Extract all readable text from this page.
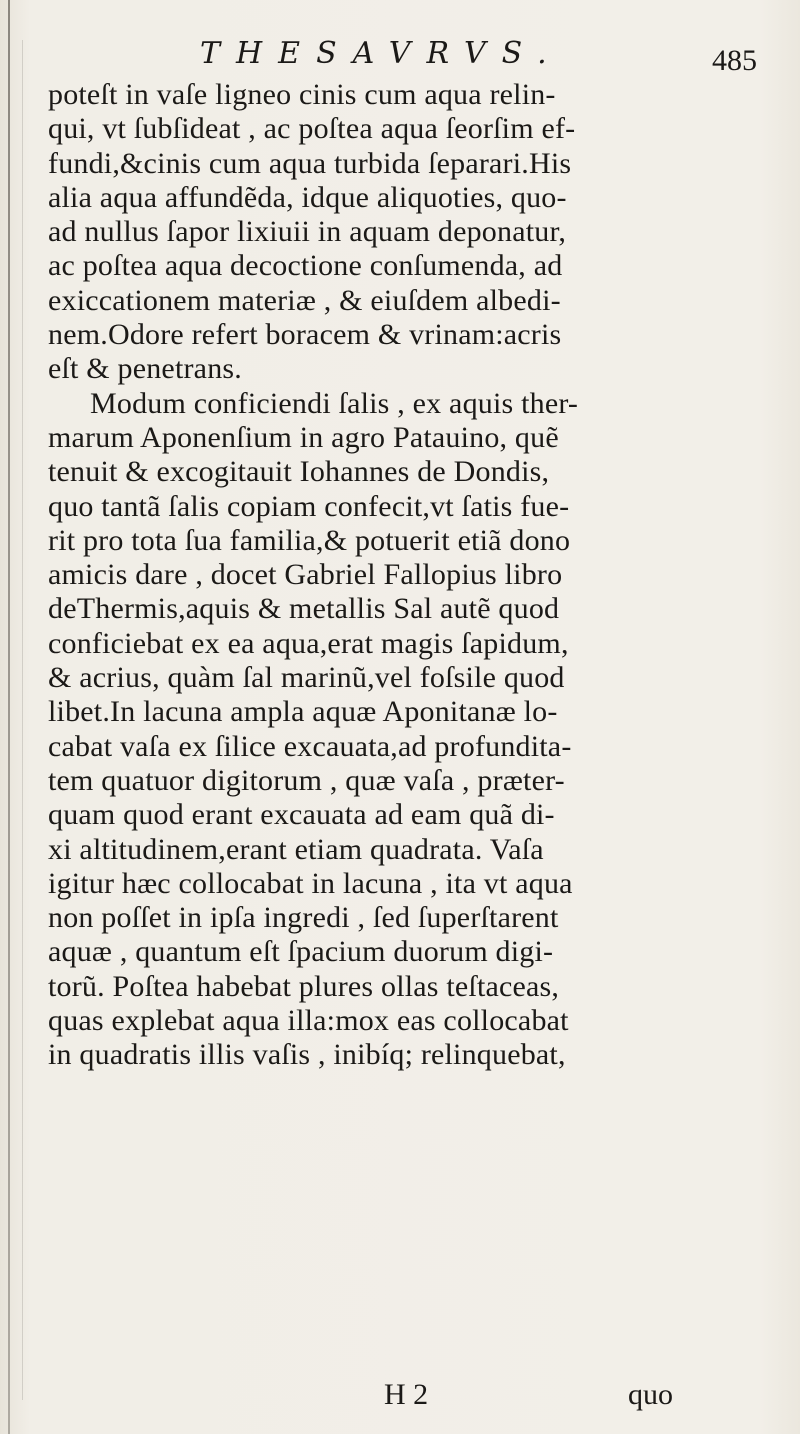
THESAVRVS.	485
poteſt in vaſe ligneo cinis cum aqua relin-
qui, vt ſubſideat , ac poſtea aqua ſeorſim ef-
fundi,&cinis cum aqua turbida ſeparari.His
alia aqua affundẽda, idque aliquoties, quo-
ad nullus ſapor lixiuii in aquam deponatur,
ac poſtea aqua decoctione conſumenda, ad
exiccationem materiæ , & eiuſdem albedi-
nem.Odore refert boracem & vrinam:acris
eſt & penetrans.
Modum conficiendi ſalis , ex aquis ther-
marum Aponenſium in agro Patauino, quẽ
tenuit & excogitauit Iohannes de Dondis,
quo tantã ſalis copiam confecit,vt ſatis fue-
rit pro tota ſua familia,& potuerit etiã dono
amicis dare , docet Gabriel Fallopius libro
deThermis,aquis & metallis Sal autẽ quod
conficiebat ex ea aqua,erat magis ſapidum,
& acrius, quàm ſal marinũ,vel foſsile quod
libet.In lacuna ampla aquæ Aponitanæ lo-
cabat vaſa ex ſilice excauata,ad profundita-
tem quatuor digitorum , quæ vaſa , præter-
quam quod erant excauata ad eam quã di-
xi altitudinem,erant etiam quadrata. Vaſa
igitur hæc collocabat in lacuna , ita vt aqua
non poſſet in ipſa ingredi , ſed ſuperſtarent
aquæ , quantum eſt ſpacium duorum digi-
torũ. Poſtea habebat plures ollas teſtaceas,
quas explebat aqua illa:mox eas collocabat
in quadratis illis vaſis , inibíq; relinquebat,
H 2	quo
